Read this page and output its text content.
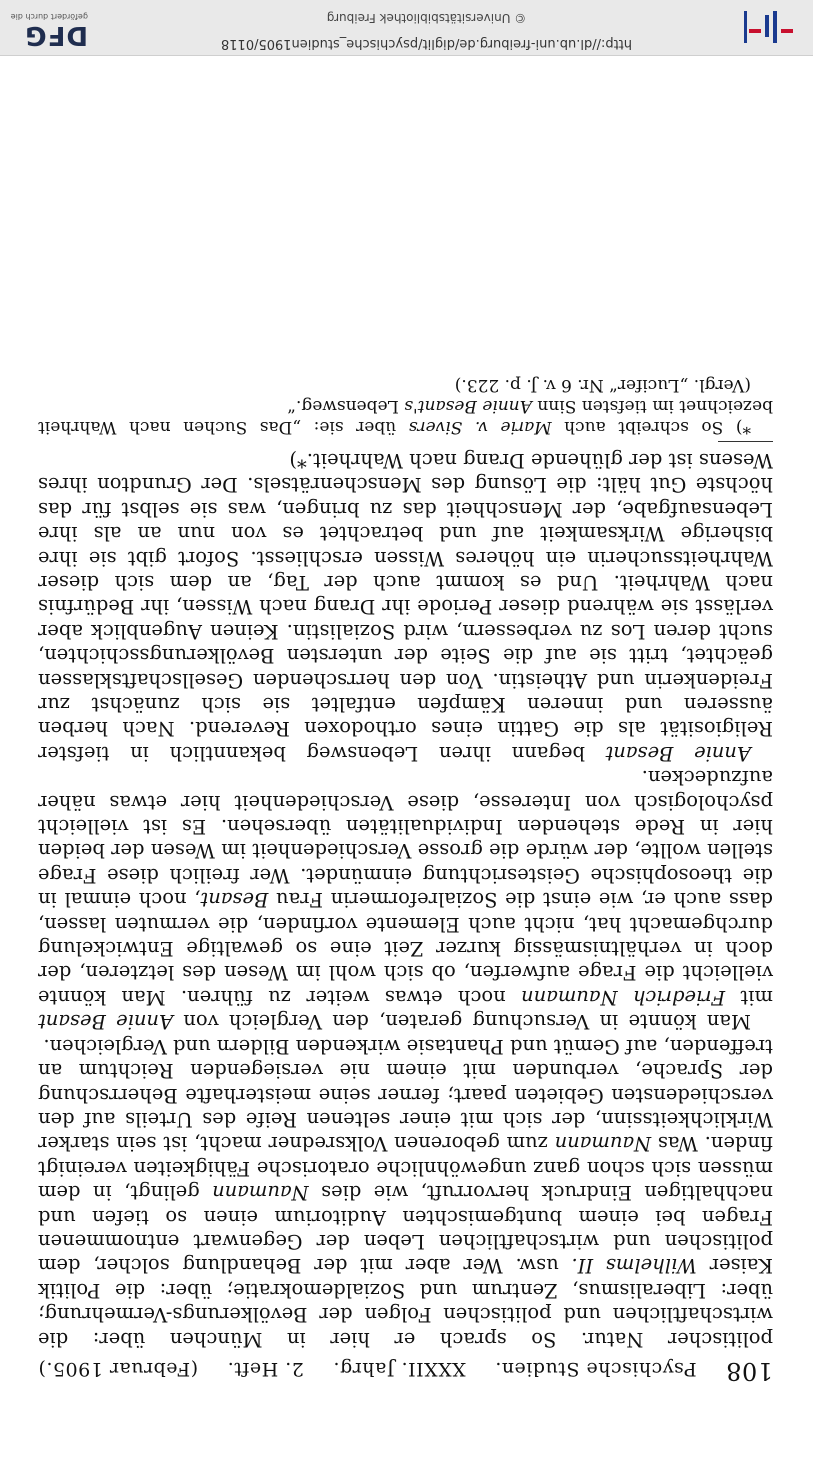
108
Psychische Studien.
XXXII. Jahrg.
2. Heft.
(Februar 1905.)

politischer Natur. So sprach er hier in München über: die wirtschaftlichen und politischen Folgen der Bevölkerungs-Vermehrung; über: Liberalismus, Zentrum und Sozialdemokratie; über: die Politik Kaiser Wilhelms II. usw. Wer aber mit der Behandlung solcher, dem politischen und wirtschaftlichen Leben der Gegenwart entnommenen Fragen bei einem buntgemischten Auditorium einen so tiefen und nachhaltigen Eindruck hervorruft, wie dies Naumann gelingt, in dem müssen sich schon ganz ungewöhnliche oratorische Fähigkeiten vereinigt finden. Was Naumann zum geborenen Volksredner macht, ist sein starker Wirklichkeitssinn, der sich mit einer seltenen Reife des Urteils auf den verschiedensten Gebieten paart; ferner seine meisterhafte Beherrschung der Sprache, verbunden mit einem nie versiegenden Reichtum an treffenden, auf Gemüt und Phantasie wirkenden Bildern und Vergleichen.

Man könnte in Versuchung geraten, den Vergleich von Annie Besant mit Friedrich Naumann noch etwas weiter zu führen. Man könnte vielleicht die Frage aufwerfen, ob sich wohl im Wesen des letzteren, der doch in verhältnismässig kurzer Zeit eine so gewaltige Entwickelung durchgemacht hat, nicht auch Elemente vorfinden, die vermuten lassen, dass auch er, wie einst die Sozialreformerin Frau Besant, noch einmal in die theosophische Geistesrichtung einmündet. Wer freilich diese Frage stellen wollte, der würde die grosse Verschiedenheit im Wesen der beiden hier in Rede stehenden Individualitäten übersehen. Es ist vielleicht psychologisch von Interesse, diese Verschiedenheit hier etwas näher aufzudecken.

Annie Besant begann ihren Lebensweg bekanntlich in tiefster Religiosität als die Gattin eines orthodoxen Reverend. Nach herben äusseren und inneren Kämpfen entfaltet sie sich zunächst zur Freidenkerin und Atheistin. Von den herrschenden Gesellschaftsklassen geächtet, tritt sie auf die Seite der untersten Bevölkerungsschichten, sucht deren Los zu verbessern, wird Sozialistin. Keinen Augenblick aber verlässt sie während dieser Periode ihr Drang nach Wissen, ihr Bedürfnis nach Wahrheit. Und es kommt auch der Tag, an dem sich dieser Wahrheitssucherin ein höheres Wissen erschliesst. Sofort gibt sie ihre bisherige Wirksamkeit auf und betrachtet es von nun an als ihre Lebensaufgabe, der Menschheit das zu bringen, was sie selbst für das höchste Gut hält: die Lösung des Menschenrätsels. Der Grundton ihres Wesens ist der glühende Drang nach Wahrheit.*)

*) So schreibt auch Marie v. Sivers über sie: „Das Suchen nach Wahrheit bezeichnet im tiefsten Sinn Annie Besant's Lebensweg.“

(Vergl. „Lucifer“ Nr. 6 v. J. p. 223.)

http://dl.ub.uni-freiburg.de/diglit/psychische_studien1905/0118
© Universitätsbibliothek Freiburg
DFG
gefördert durch die
